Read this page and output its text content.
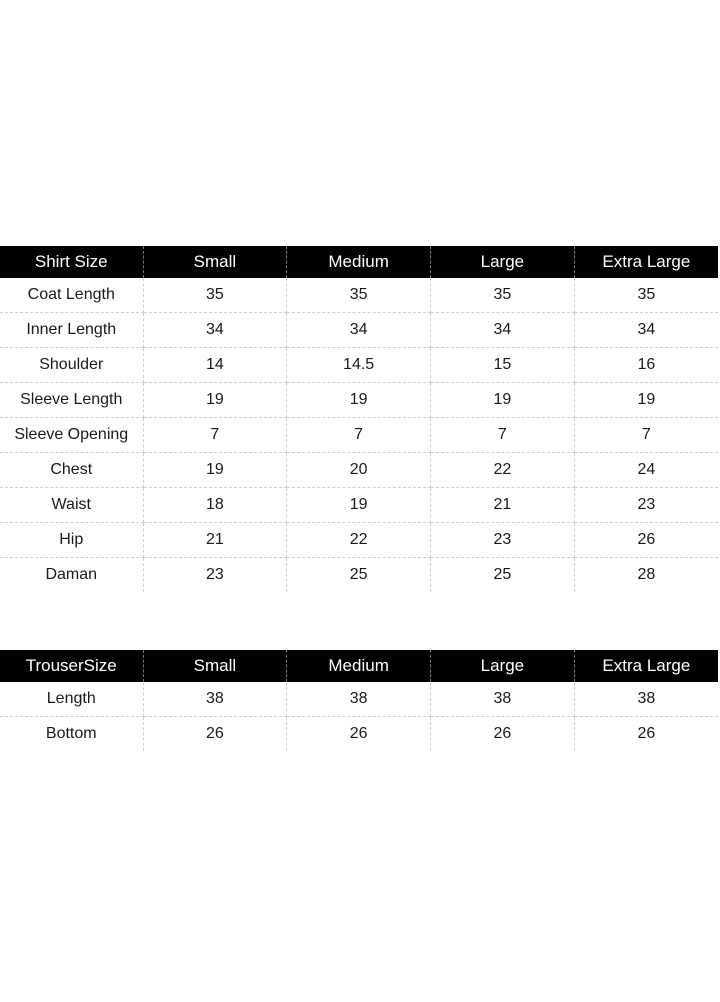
Shirt Size	Small	Medium	Large	Extra Large
Coat Length	35	35	35	35
Inner Length	34	34	34	34
Shoulder	14	14.5	15	16
Sleeve Length	19	19	19	19
Sleeve Opening	7	7	7	7
Chest	19	20	22	24
Waist	18	19	21	23
Hip	21	22	23	26
Daman	23	25	25	28
TrouserSize	Small	Medium	Large	Extra Large
Length	38	38	38	38
Bottom	26	26	26	26
